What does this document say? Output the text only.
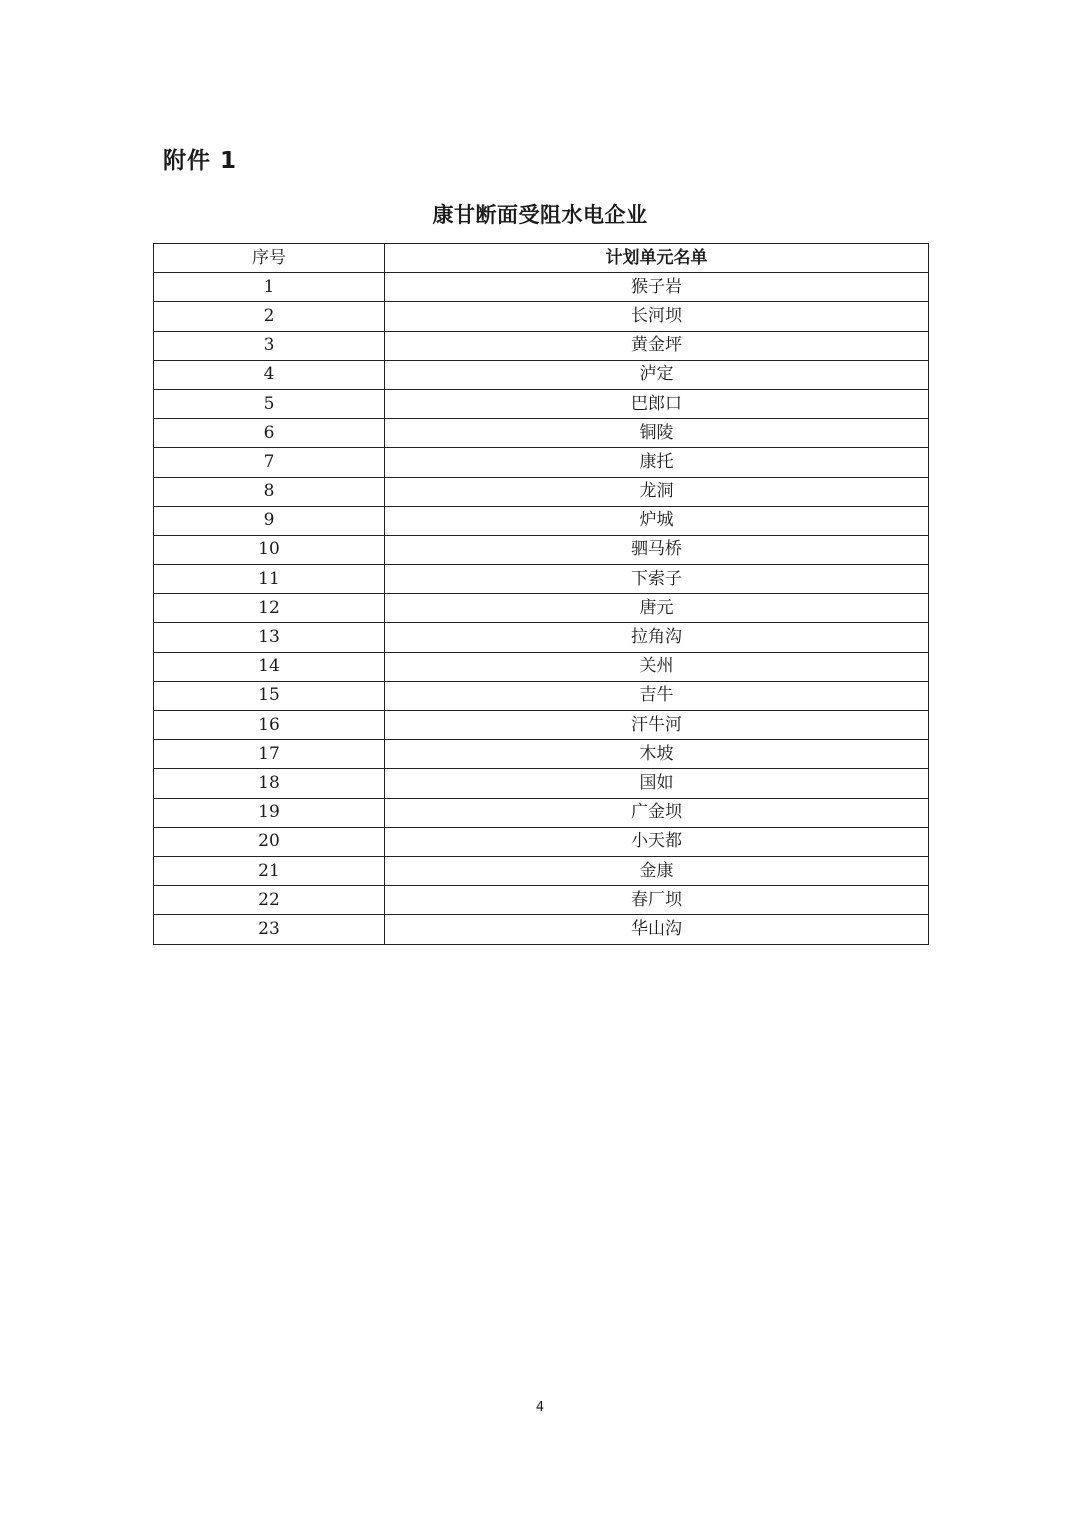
附件 1
康甘断面受阻水电企业
序号	计划单元名单
1	猴子岩
2	长河坝
3	黄金坪
4	泸定
5	巴郎口
6	铜陵
7	康托
8	龙洞
9	炉城
10	驷马桥
11	下索子
12	唐元
13	拉角沟
14	关州
15	吉牛
16	汗牛河
17	木坡
18	国如
19	广金坝
20	小天都
21	金康
22	春厂坝
23	华山沟
4
